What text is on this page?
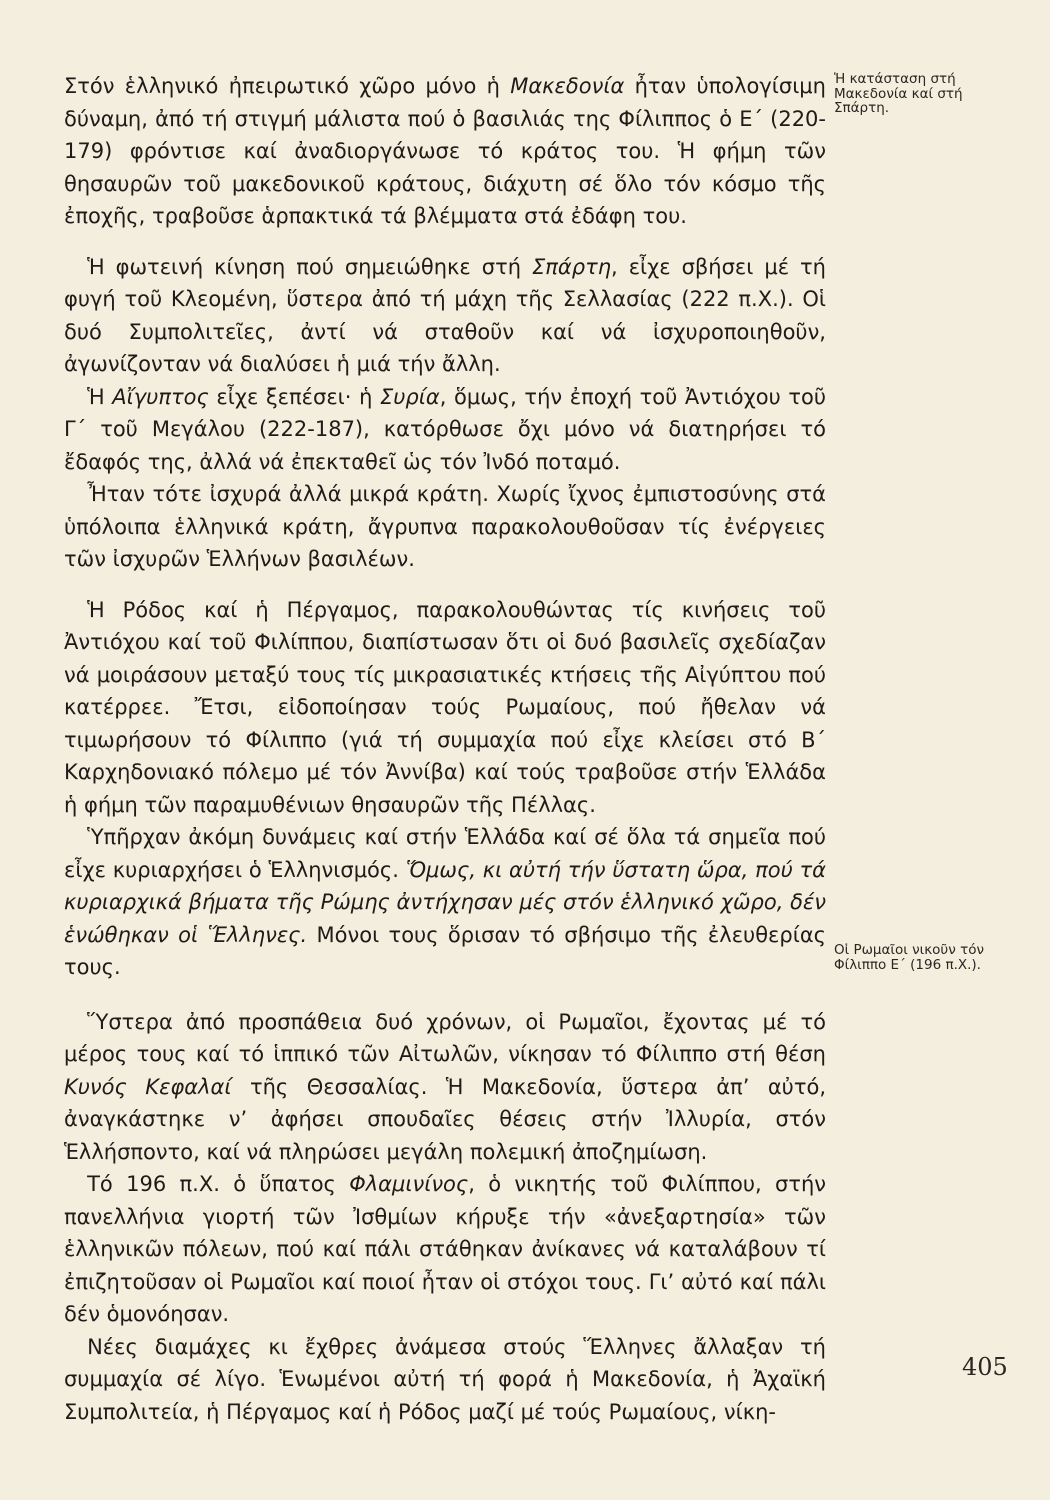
Στόν ἑλληνικό ἠπειρωτικό χῶρο μόνο ἡ Μακεδονία ἦταν ὑπολογίσιμη δύναμη, ἀπό τή στιγμή μάλιστα πού ὁ βασιλιάς της Φίλιππος ὁ Ε΄ (220-179) φρόντισε καί ἀναδιοργάνωσε τό κράτος του. Ἡ φήμη τῶν θησαυρῶν τοῦ μακεδονικοῦ κράτους, διάχυτη σέ ὅλο τόν κόσμο τῆς ἐποχῆς, τραβοῦσε ἁρπακτικά τά βλέμματα στά ἐδάφη του.

Ἡ φωτεινή κίνηση πού σημειώθηκε στή Σπάρτη, εἶχε σβήσει μέ τή φυγή τοῦ Κλεομένη, ὕστερα ἀπό τή μάχη τῆς Σελλασίας (222 π.Χ.). Οἱ δυό Συμπολιτεῖες, ἀντί νά σταθοῦν καί νά ἰσχυροποιηθοῦν, ἀγωνίζονταν νά διαλύσει ἡ μιά τήν ἄλλη.

Ἡ Αἴγυπτος εἶχε ξεπέσει· ἡ Συρία, ὅμως, τήν ἐποχή τοῦ Ἀντιόχου τοῦ Γ΄ τοῦ Μεγάλου (222-187), κατόρθωσε ὄχι μόνο νά διατηρήσει τό ἔδαφός της, ἀλλά νά ἐπεκταθεῖ ὡς τόν Ἰνδό ποταμό.

Ἦταν τότε ἰσχυρά ἀλλά μικρά κράτη. Χωρίς ἴχνος ἐμπιστοσύνης στά ὑπόλοιπα ἑλληνικά κράτη, ἄγρυπνα παρακολουθοῦσαν τίς ἐνέργειες τῶν ἰσχυρῶν Ἑλλήνων βασιλέων.

Ἡ Ρόδος καί ἡ Πέργαμος, παρακολουθώντας τίς κινήσεις τοῦ Ἀντιόχου καί τοῦ Φιλίππου, διαπίστωσαν ὅτι οἱ δυό βασιλεῖς σχεδίαζαν νά μοιράσουν μεταξύ τους τίς μικρασιατικές κτήσεις τῆς Αἰγύπτου πού κατέρρεε. Ἔτσι, εἰδοποίησαν τούς Ρωμαίους, πού ἤθελαν νά τιμωρήσουν τό Φίλιππο (γιά τή συμμαχία πού εἶχε κλείσει στό Β΄ Καρχηδονιακό πόλεμο μέ τόν Ἀννίβα) καί τούς τραβοῦσε στήν Ἑλλάδα ἡ φήμη τῶν παραμυθένιων θησαυρῶν τῆς Πέλλας.

Ὑπῆρχαν ἀκόμη δυνάμεις καί στήν Ἑλλάδα καί σέ ὅλα τά σημεῖα πού εἶχε κυριαρχήσει ὁ Ἑλληνισμός. Ὅμως, κι αὐτή τήν ὕστατη ὥρα, πού τά κυριαρχικά βήματα τῆς Ρώμης ἀντήχησαν μές στόν ἑλληνικό χῶρο, δέν ἑνώθηκαν οἱ Ἕλληνες. Μόνοι τους ὅρισαν τό σβήσιμο τῆς ἐλευθερίας τους.

Ὕστερα ἀπό προσπάθεια δυό χρόνων, οἱ Ρωμαῖοι, ἔχοντας μέ τό μέρος τους καί τό ἱππικό τῶν Αἰτωλῶν, νίκησαν τό Φίλιππο στή θέση Κυνός Κεφαλαί τῆς Θεσσαλίας. Ἡ Μακεδονία, ὕστερα ἀπ’ αὐτό, ἀναγκάστηκε ν’ ἀφήσει σπουδαῖες θέσεις στήν Ἰλλυρία, στόν Ἑλλήσποντο, καί νά πληρώσει μεγάλη πολεμική ἀποζημίωση.

Τό 196 π.Χ. ὁ ὕπατος Φλαμινίνος, ὁ νικητής τοῦ Φιλίππου, στήν πανελλήνια γιορτή τῶν Ἰσθμίων κήρυξε τήν «ἀνεξαρτησία» τῶν ἑλληνικῶν πόλεων, πού καί πάλι στάθηκαν ἀνίκανες νά καταλάβουν τί ἐπιζητοῦσαν οἱ Ρωμαῖοι καί ποιοί ἦταν οἱ στόχοι τους. Γι’ αὐτό καί πάλι δέν ὁμονόησαν.

Νέες διαμάχες κι ἔχθρες ἀνάμεσα στούς Ἕλληνες ἄλλαξαν τή συμμαχία σέ λίγο. Ἑνωμένοι αὐτή τή φορά ἡ Μακεδονία, ἡ Ἀχαϊκή Συμπολιτεία, ἡ Πέργαμος καί ἡ Ρόδος μαζί μέ τούς Ρωμαίους, νίκη-

Ἡ κατάσταση στή Μακεδονία καί στή Σπάρτη.
Οἱ Ρωμαῖοι νικοῦν τόν Φίλιππο Ε΄ (196 π.Χ.).
405
